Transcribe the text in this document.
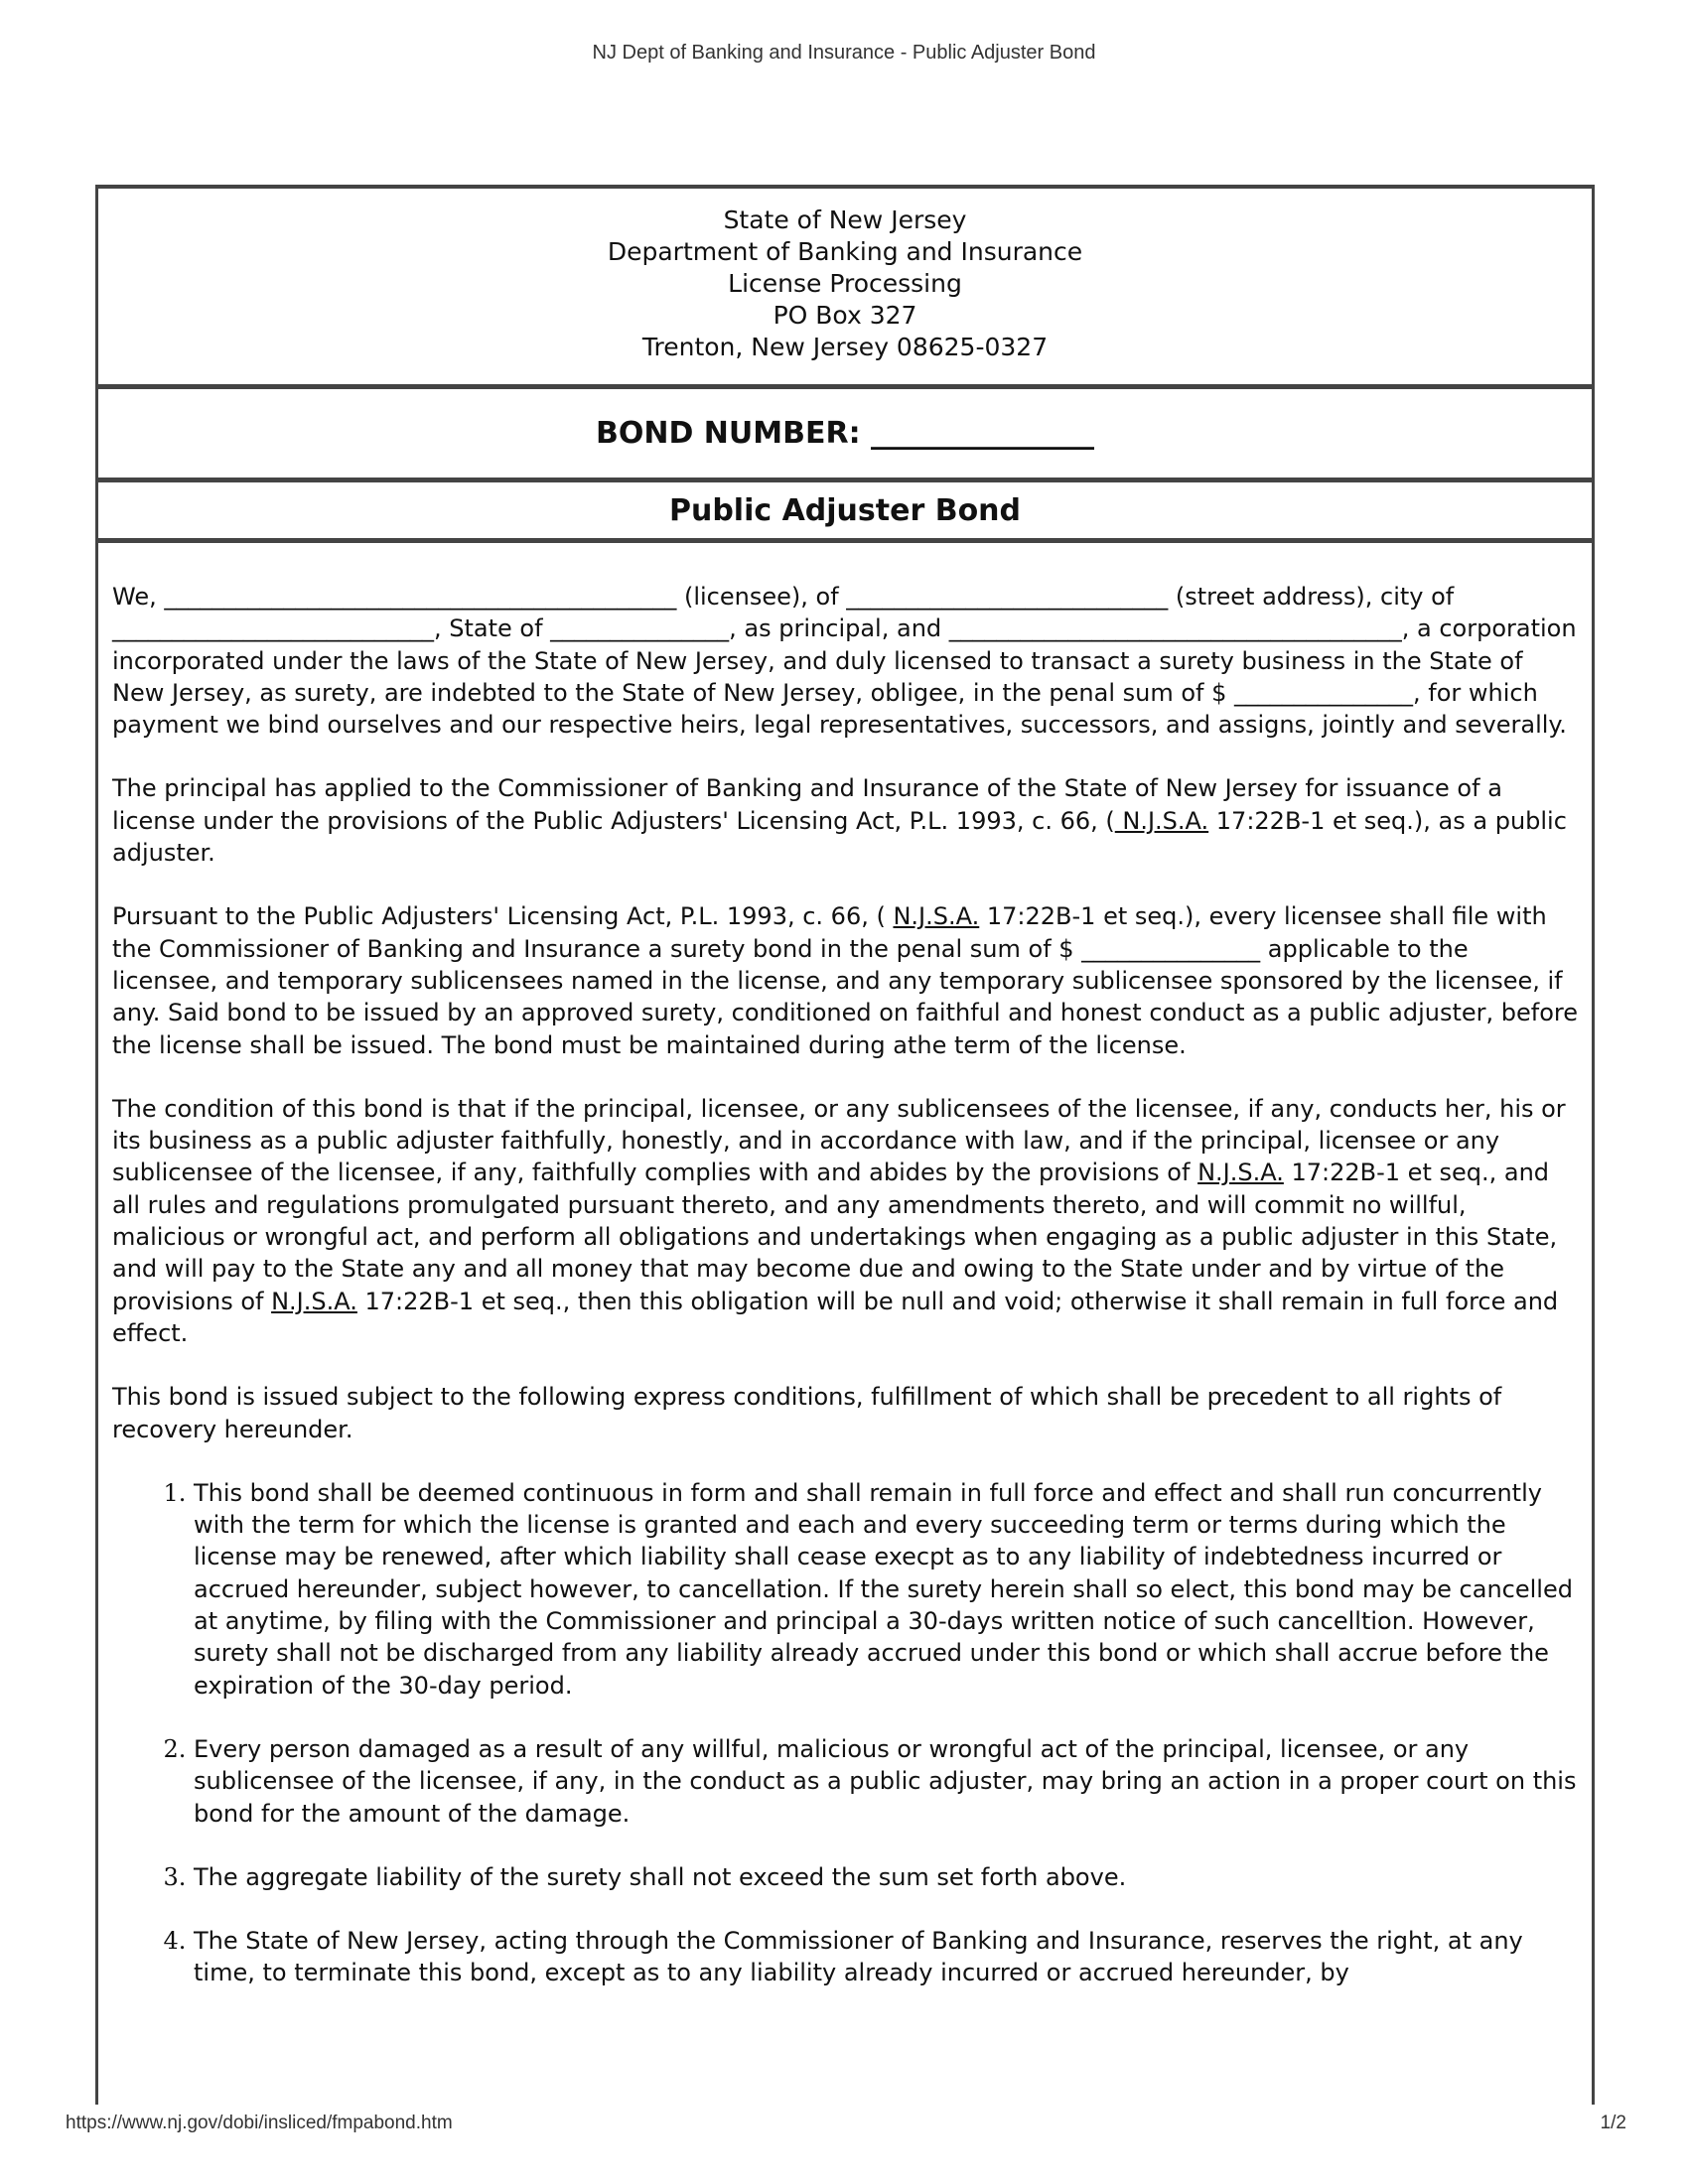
NJ Dept of Banking and Insurance - Public Adjuster Bond
State of New Jersey
Department of Banking and Insurance
License Processing
PO Box 327
Trenton, New Jersey 08625-0327
BOND NUMBER: _______________
Public Adjuster Bond

We, ___________________________________________ (licensee), of ___________________________ (street address), city of ___________________________, State of _______________, as principal, and ______________________________________, a corporation incorporated under the laws of the State of New Jersey, and duly licensed to transact a surety business in the State of New Jersey, as surety, are indebted to the State of New Jersey, obligee, in the penal sum of $ _______________, for which payment we bind ourselves and our respective heirs, legal representatives, successors, and assigns, jointly and severally.

The principal has applied to the Commissioner of Banking and Insurance of the State of New Jersey for issuance of a license under the provisions of the Public Adjusters' Licensing Act, P.L. 1993, c. 66, ( N.J.S.A. 17:22B-1 et seq.), as a public adjuster.

Pursuant to the Public Adjusters' Licensing Act, P.L. 1993, c. 66, ( N.J.S.A. 17:22B-1 et seq.), every licensee shall file with the Commissioner of Banking and Insurance a surety bond in the penal sum of $ _______________ applicable to the licensee, and temporary sublicensees named in the license, and any temporary sublicensee sponsored by the licensee, if any. Said bond to be issued by an approved surety, conditioned on faithful and honest conduct as a public adjuster, before the license shall be issued. The bond must be maintained during athe term of the license.

The condition of this bond is that if the principal, licensee, or any sublicensees of the licensee, if any, conducts her, his or its business as a public adjuster faithfully, honestly, and in accordance with law, and if the principal, licensee or any sublicensee of the licensee, if any, faithfully complies with and abides by the provisions of N.J.S.A. 17:22B-1 et seq., and all rules and regulations promulgated pursuant thereto, and any amendments thereto, and will commit no willful, malicious or wrongful act, and perform all obligations and undertakings when engaging as a public adjuster in this State, and will pay to the State any and all money that may become due and owing to the State under and by virtue of the provisions of N.J.S.A. 17:22B-1 et seq., then this obligation will be null and void; otherwise it shall remain in full force and effect.

This bond is issued subject to the following express conditions, fulfillment of which shall be precedent to all rights of recovery hereunder.

1. This bond shall be deemed continuous in form and shall remain in full force and effect and shall run concurrently with the term for which the license is granted and each and every succeeding term or terms during which the license may be renewed, after which liability shall cease execpt as to any liability of indebtedness incurred or accrued hereunder, subject however, to cancellation. If the surety herein shall so elect, this bond may be cancelled at anytime, by filing with the Commissioner and principal a 30-days written notice of such cancelltion. However, surety shall not be discharged from any liability already accrued under this bond or which shall accrue before the expiration of the 30-day period.
2. Every person damaged as a result of any willful, malicious or wrongful act of the principal, licensee, or any sublicensee of the licensee, if any, in the conduct as a public adjuster, may bring an action in a proper court on this bond for the amount of the damage.
3. The aggregate liability of the surety shall not exceed the sum set forth above.
4. The State of New Jersey, acting through the Commissioner of Banking and Insurance, reserves the right, at any time, to terminate this bond, except as to any liability already incurred or accrued hereunder, by
https://www.nj.gov/dobi/insliced/fmpabond.htm	1/2
